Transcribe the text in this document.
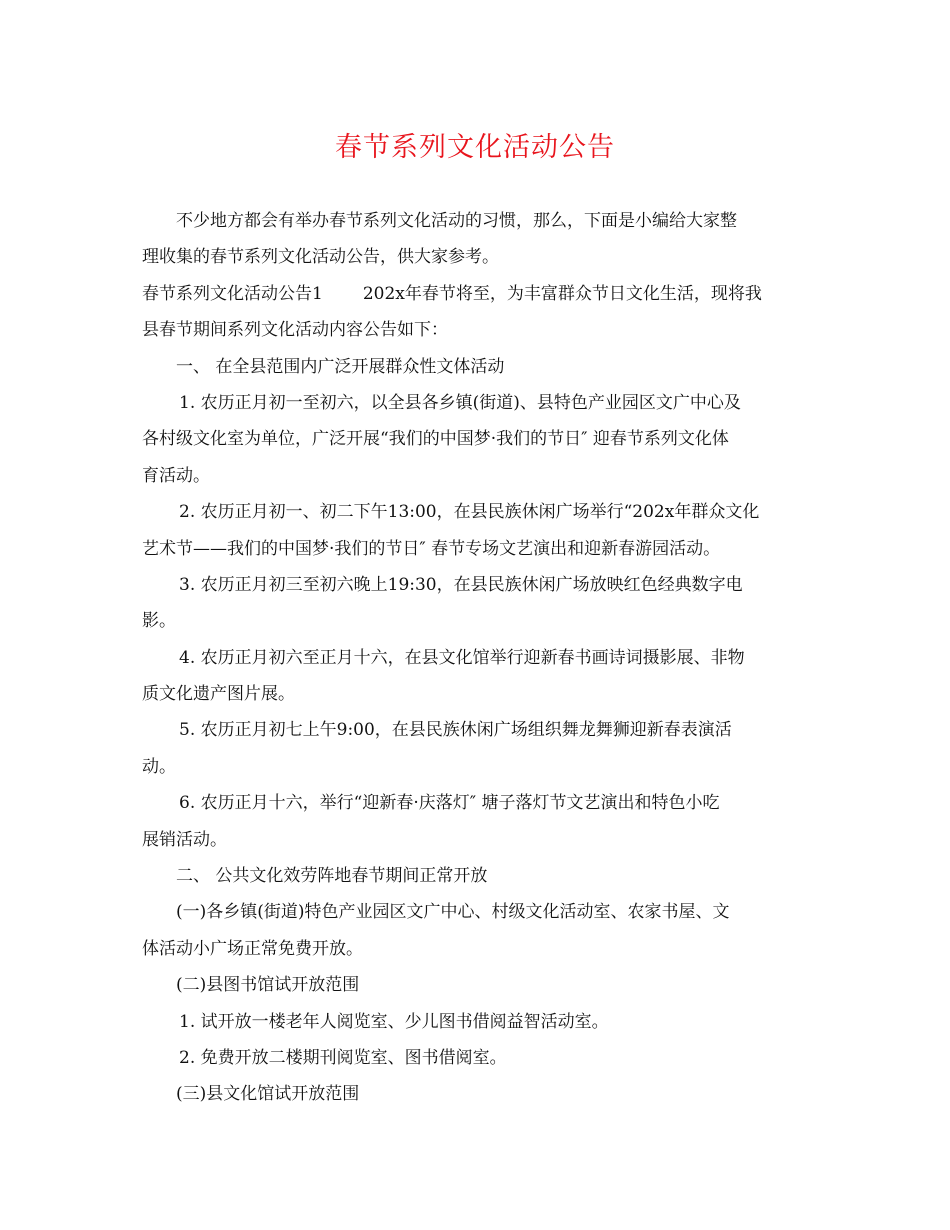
春节系列文化活动公告
不少地方都会有举办春节系列文化活动的习惯，那么，下面是小编给大家整
理收集的春节系列文化活动公告，供大家参考。
春节系列文化活动公告1 202x年春节将至，为丰富群众节日文化生活，现将我
县春节期间系列文化活动内容公告如下：
一、 在全县范围内广泛开展群众性文体活动
1. 农历正月初一至初六，以全县各乡镇(街道)、县特色产业园区文广中心及
各村级文化室为单位，广泛开展“我们的中国梦·我们的节日″ 迎春节系列文化体
育活动。
2. 农历正月初一、初二下午13:00，在县民族休闲广场举行“202x年群众文化
艺术节——我们的中国梦·我们的节日″ 春节专场文艺演出和迎新春游园活动。
3. 农历正月初三至初六晚上19:30，在县民族休闲广场放映红色经典数字电
影。
4. 农历正月初六至正月十六，在县文化馆举行迎新春书画诗词摄影展、非物
质文化遗产图片展。
5. 农历正月初七上午9:00，在县民族休闲广场组织舞龙舞狮迎新春表演活
动。
6. 农历正月十六，举行“迎新春·庆落灯″ 塘子落灯节文艺演出和特色小吃
展销活动。
二、 公共文化效劳阵地春节期间正常开放
(一)各乡镇(街道)特色产业园区文广中心、村级文化活动室、农家书屋、文
体活动小广场正常免费开放。
(二)县图书馆试开放范围
1. 试开放一楼老年人阅览室、少儿图书借阅益智活动室。
2. 免费开放二楼期刊阅览室、图书借阅室。
(三)县文化馆试开放范围
